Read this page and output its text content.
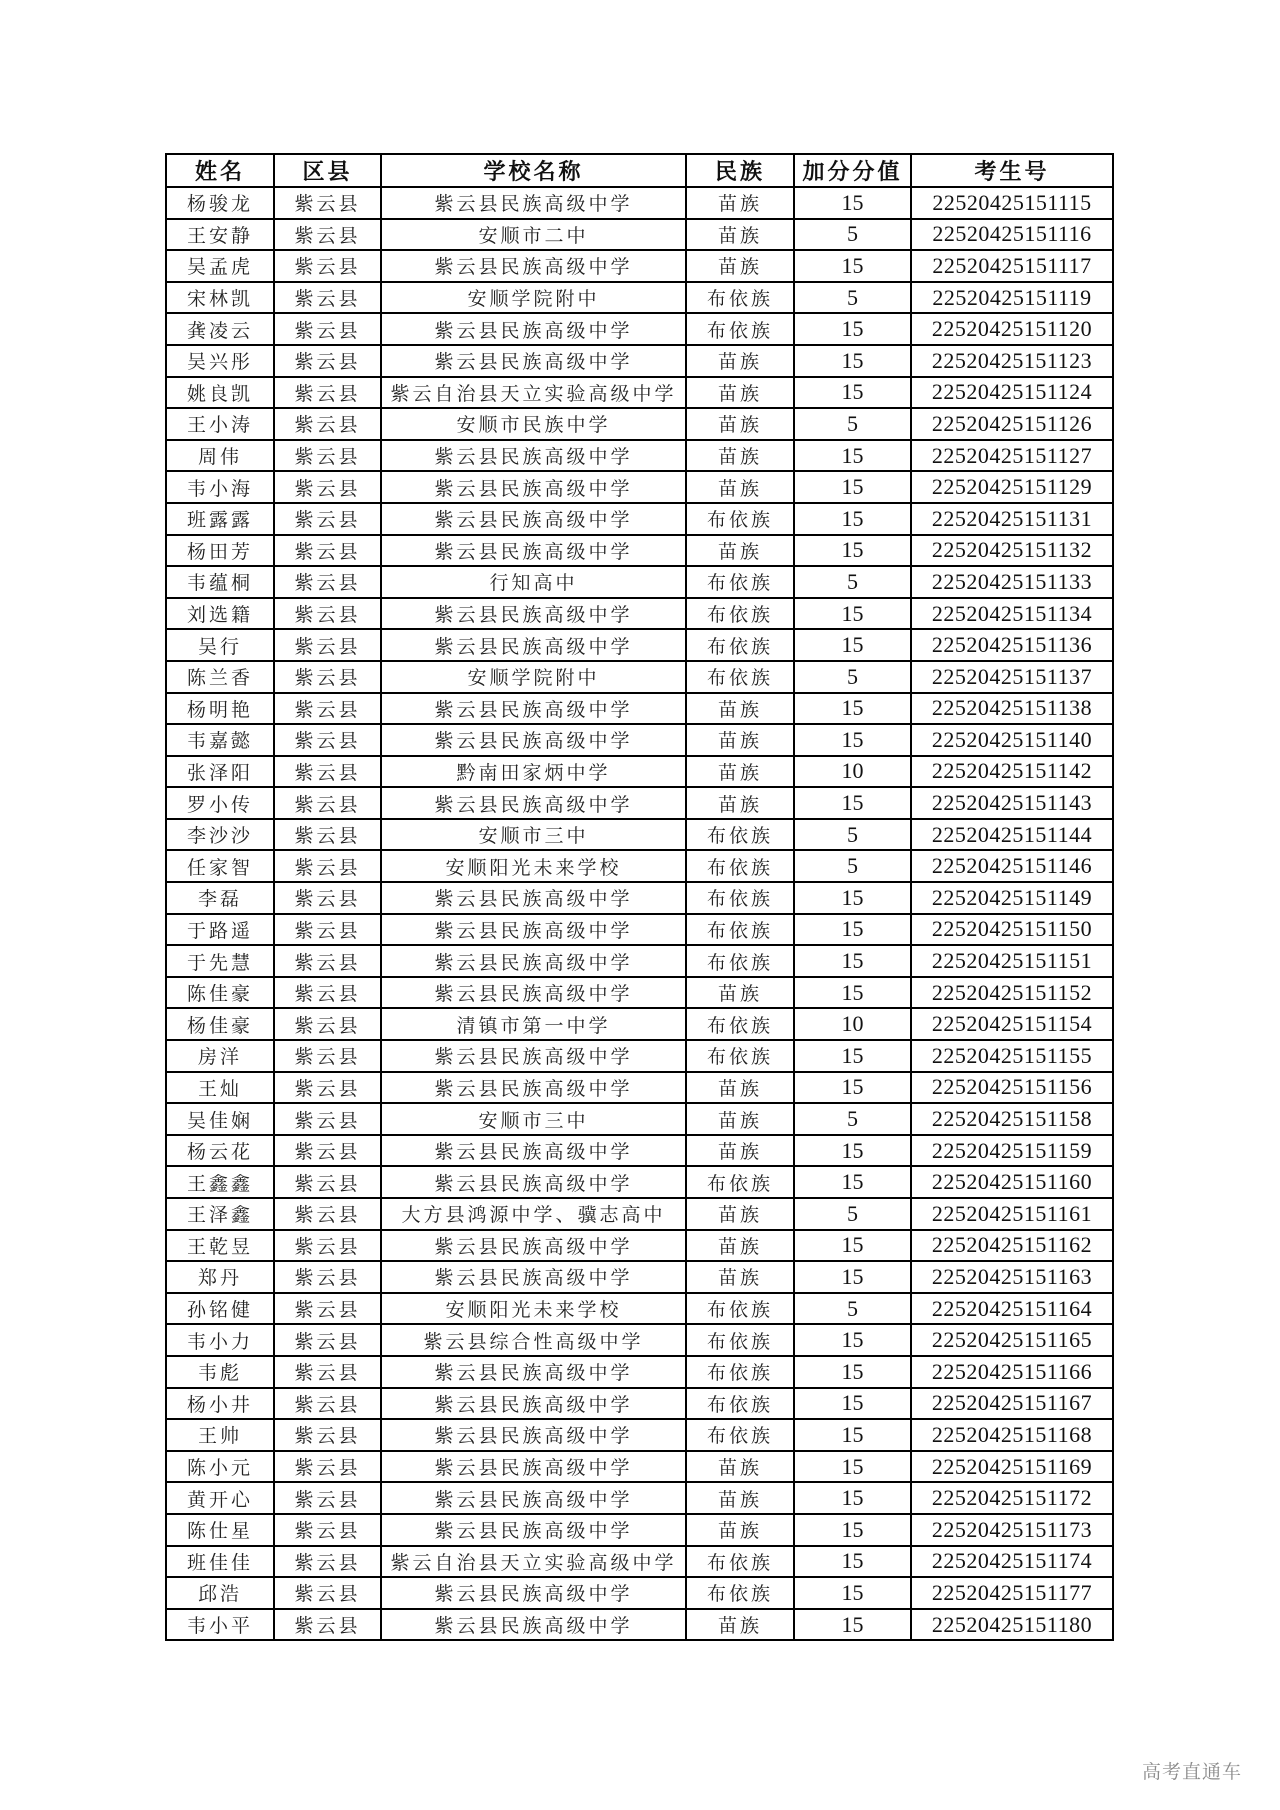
姓名	区县	学校名称	民族	加分分值	考生号
杨骏龙	紫云县	紫云县民族高级中学	苗族	15	22520425151115
王安静	紫云县	安顺市二中	苗族	5	22520425151116
吴孟虎	紫云县	紫云县民族高级中学	苗族	15	22520425151117
宋林凯	紫云县	安顺学院附中	布依族	5	22520425151119
龚凌云	紫云县	紫云县民族高级中学	布依族	15	22520425151120
吴兴彤	紫云县	紫云县民族高级中学	苗族	15	22520425151123
姚良凯	紫云县	紫云自治县天立实验高级中学	苗族	15	22520425151124
王小涛	紫云县	安顺市民族中学	苗族	5	22520425151126
周伟	紫云县	紫云县民族高级中学	苗族	15	22520425151127
韦小海	紫云县	紫云县民族高级中学	苗族	15	22520425151129
班露露	紫云县	紫云县民族高级中学	布依族	15	22520425151131
杨田芳	紫云县	紫云县民族高级中学	苗族	15	22520425151132
韦蕴桐	紫云县	行知高中	布依族	5	22520425151133
刘选籍	紫云县	紫云县民族高级中学	布依族	15	22520425151134
吴行	紫云县	紫云县民族高级中学	布依族	15	22520425151136
陈兰香	紫云县	安顺学院附中	布依族	5	22520425151137
杨明艳	紫云县	紫云县民族高级中学	苗族	15	22520425151138
韦嘉懿	紫云县	紫云县民族高级中学	苗族	15	22520425151140
张泽阳	紫云县	黔南田家炳中学	苗族	10	22520425151142
罗小传	紫云县	紫云县民族高级中学	苗族	15	22520425151143
李沙沙	紫云县	安顺市三中	布依族	5	22520425151144
任家智	紫云县	安顺阳光未来学校	布依族	5	22520425151146
李磊	紫云县	紫云县民族高级中学	布依族	15	22520425151149
于路遥	紫云县	紫云县民族高级中学	布依族	15	22520425151150
于先慧	紫云县	紫云县民族高级中学	布依族	15	22520425151151
陈佳豪	紫云县	紫云县民族高级中学	苗族	15	22520425151152
杨佳豪	紫云县	清镇市第一中学	布依族	10	22520425151154
房洋	紫云县	紫云县民族高级中学	布依族	15	22520425151155
王灿	紫云县	紫云县民族高级中学	苗族	15	22520425151156
吴佳娴	紫云县	安顺市三中	苗族	5	22520425151158
杨云花	紫云县	紫云县民族高级中学	苗族	15	22520425151159
王鑫鑫	紫云县	紫云县民族高级中学	布依族	15	22520425151160
王泽鑫	紫云县	大方县鸿源中学、骥志高中	苗族	5	22520425151161
王乾昱	紫云县	紫云县民族高级中学	苗族	15	22520425151162
郑丹	紫云县	紫云县民族高级中学	苗族	15	22520425151163
孙铭健	紫云县	安顺阳光未来学校	布依族	5	22520425151164
韦小力	紫云县	紫云县综合性高级中学	布依族	15	22520425151165
韦彪	紫云县	紫云县民族高级中学	布依族	15	22520425151166
杨小井	紫云县	紫云县民族高级中学	布依族	15	22520425151167
王帅	紫云县	紫云县民族高级中学	布依族	15	22520425151168
陈小元	紫云县	紫云县民族高级中学	苗族	15	22520425151169
黄开心	紫云县	紫云县民族高级中学	苗族	15	22520425151172
陈仕星	紫云县	紫云县民族高级中学	苗族	15	22520425151173
班佳佳	紫云县	紫云自治县天立实验高级中学	布依族	15	22520425151174
邱浩	紫云县	紫云县民族高级中学	布依族	15	22520425151177
韦小平	紫云县	紫云县民族高级中学	苗族	15	22520425151180
高考直通车
